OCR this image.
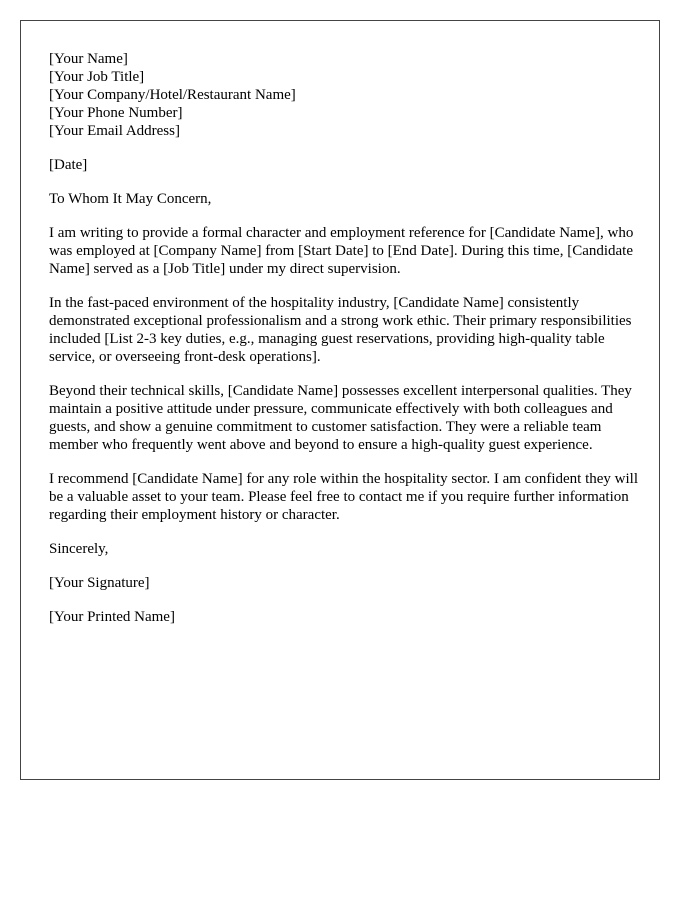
[Your Name]
[Your Job Title]
[Your Company/Hotel/Restaurant Name]
[Your Phone Number]
[Your Email Address]

[Date]

To Whom It May Concern,

I am writing to provide a formal character and employment reference for [Candidate Name], who was employed at [Company Name] from [Start Date] to [End Date]. During this time, [Candidate Name] served as a [Job Title] under my direct supervision.

In the fast-paced environment of the hospitality industry, [Candidate Name] consistently demonstrated exceptional professionalism and a strong work ethic. Their primary responsibilities included [List 2-3 key duties, e.g., managing guest reservations, providing high-quality table service, or overseeing front-desk operations].

Beyond their technical skills, [Candidate Name] possesses excellent interpersonal qualities. They maintain a positive attitude under pressure, communicate effectively with both colleagues and guests, and show a genuine commitment to customer satisfaction. They were a reliable team member who frequently went above and beyond to ensure a high-quality guest experience.

I recommend [Candidate Name] for any role within the hospitality sector. I am confident they will be a valuable asset to your team. Please feel free to contact me if you require further information regarding their employment history or character.

Sincerely,

[Your Signature]

[Your Printed Name]
